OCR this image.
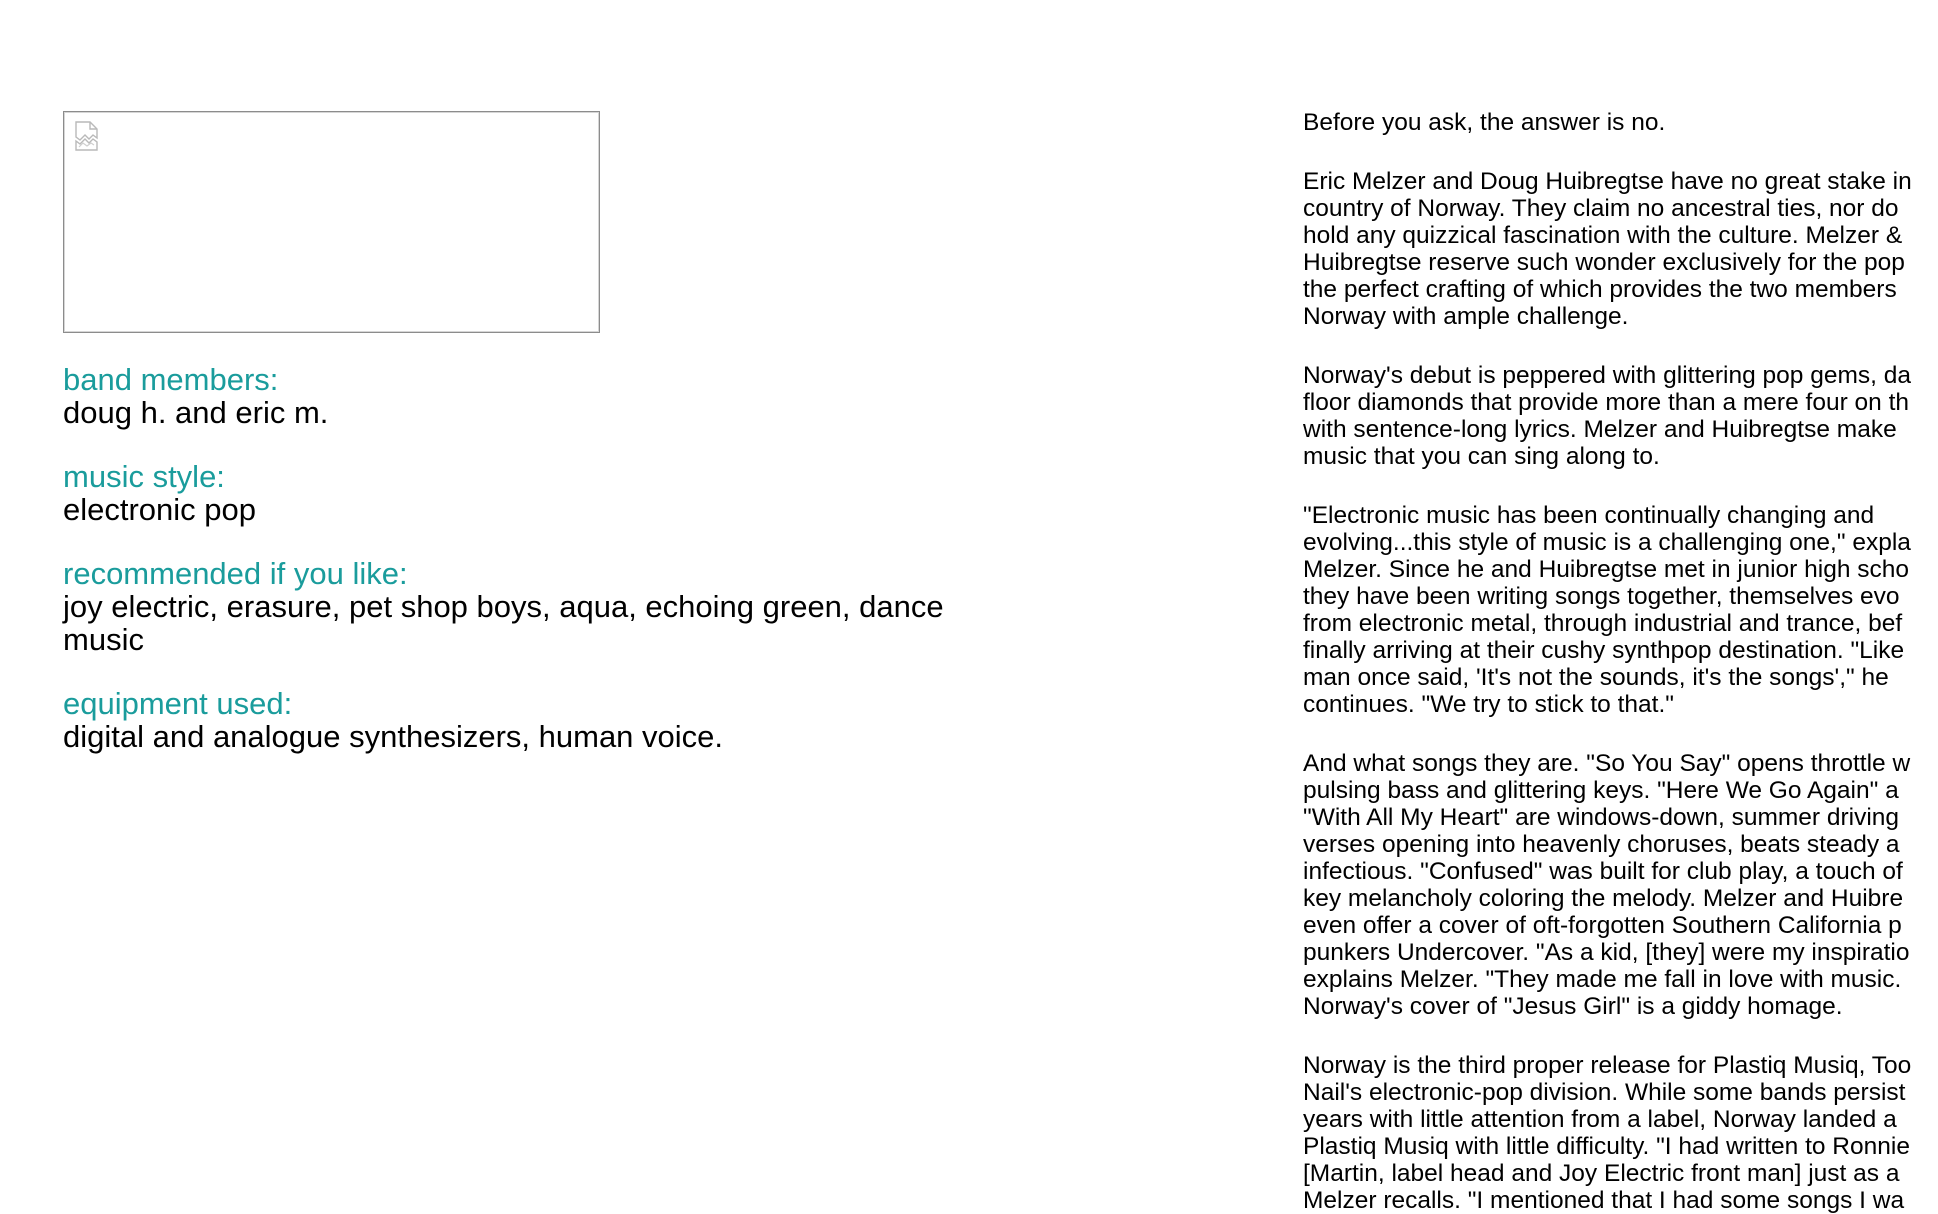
band members:
doug h. and eric m.
music style:
electronic pop
recommended if you like:
joy electric, erasure, pet shop boys, aqua, echoing green, dance
music
equipment used:
digital and analogue synthesizers, human voice.
Before you ask, the answer is no.
Eric Melzer and Doug Huibregtse have no great stake in
country of Norway. They claim no ancestral ties, nor do
hold any quizzical fascination with the culture. Melzer &
Huibregtse reserve such wonder exclusively for the pop
the perfect crafting of which provides the two members
Norway with ample challenge.
Norway's debut is peppered with glittering pop gems, da
floor diamonds that provide more than a mere four on th
with sentence-long lyrics. Melzer and Huibregtse make
music that you can sing along to.
"Electronic music has been continually changing and
evolving...this style of music is a challenging one," expla
Melzer. Since he and Huibregtse met in junior high scho
they have been writing songs together, themselves evo
from electronic metal, through industrial and trance, bef
finally arriving at their cushy synthpop destination. "Like
man once said, 'It's not the sounds, it's the songs'," he
continues. "We try to stick to that."
And what songs they are. "So You Say" opens throttle w
pulsing bass and glittering keys. "Here We Go Again" a
"With All My Heart" are windows-down, summer driving
verses opening into heavenly choruses, beats steady a
infectious. "Confused" was built for club play, a touch of
key melancholy coloring the melody. Melzer and Huibre
even offer a cover of oft-forgotten Southern California p
punkers Undercover. "As a kid, [they] were my inspiratio
explains Melzer. "They made me fall in love with music.
Norway's cover of "Jesus Girl" is a giddy homage.
Norway is the third proper release for Plastiq Musiq, Too
Nail's electronic-pop division. While some bands persist
years with little attention from a label, Norway landed a
Plastiq Musiq with little difficulty. "I had written to Ronnie
[Martin, label head and Joy Electric front man] just as a
Melzer recalls. "I mentioned that I had some songs I wa
